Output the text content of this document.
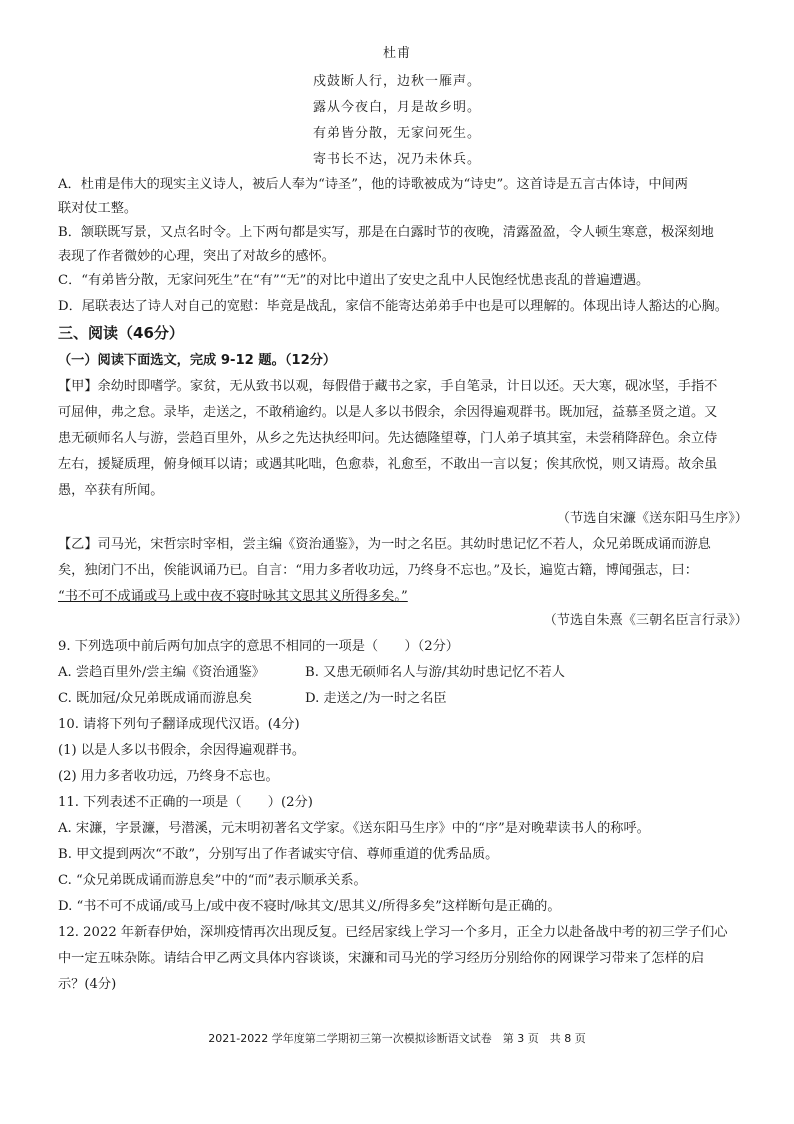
杜甫
戍鼓断人行，边秋一雁声。
露从今夜白，月是故乡明。
有弟皆分散，无家问死生。
寄书长不达，况乃未休兵。
A．杜甫是伟大的现实主义诗人，被后人奉为“诗圣”，他的诗歌被成为“诗史”。这首诗是五言古体诗，中间两
联对仗工整。
B．颔联既写景，又点名时令。上下两句都是实写，那是在白露时节的夜晚，清露盈盈，令人顿生寒意，极深刻地
表现了作者微妙的心理，突出了对故乡的感怀。
C．“有弟皆分散，无家问死生”在“有”“无”的对比中道出了安史之乱中人民饱经忧患丧乱的普遍遭遇。
D．尾联表达了诗人对自己的宽慰：毕竟是战乱，家信不能寄达弟弟手中也是可以理解的。体现出诗人豁达的心胸。
三、阅读（46分）
（一）阅读下面选文，完成 9-12 题。（12分）
【甲】余幼时即嗜学。家贫，无从致书以观，每假借于藏书之家，手自笔录，计日以还。天大寒，砚冰坚，手指不
可屈伸，弗之怠。录毕，走送之，不敢稍逾约。以是人多以书假余，余因得遍观群书。既加冠，益慕圣贤之道。又
患无硕师名人与游，尝趋百里外，从乡之先达执经叩问。先达德隆望尊，门人弟子填其室，未尝稍降辞色。余立侍
左右，援疑质理，俯身倾耳以请；或遇其叱咄，色愈恭，礼愈至，不敢出一言以复；俟其欣悦，则又请焉。故余虽
愚，卒获有所闻。
（节选自宋濂《送东阳马生序》）
【乙】司马光，宋哲宗时宰相，尝主编《资治通鉴》，为一时之名臣。其幼时患记忆不若人，众兄弟既成诵而游息
矣，独闭门不出，俟能讽诵乃已。自言：“用力多者收功远，乃终身不忘也。”及长，遍览古籍，博闻强志，曰：
“书不可不成诵或马上或中夜不寝时咏其文思其义所得多矣。”
（节选自朱熹《三朝名臣言行录》）
9. 下列选项中前后两句加点字的意思不相同的一项是（　　）（2分）
A. 尝趋百里外/尝主编《资治通鉴》	B. 又患无硕师名人与游/其幼时患记忆不若人
C. 既加冠/众兄弟既成诵而游息矣	D. 走送之/为一时之名臣
10. 请将下列句子翻译成现代汉语。(4分)
(1) 以是人多以书假余，余因得遍观群书。
(2) 用力多者收功远，乃终身不忘也。
11. 下列表述不正确的一项是（　　）(2分)
A. 宋濂，字景濂，号潜溪，元末明初著名文学家。《送东阳马生序》中的“序”是对晚辈读书人的称呼。
B. 甲文提到两次“不敢”，分别写出了作者诚实守信、尊师重道的优秀品质。
C. “众兄弟既成诵而游息矣”中的“而”表示顺承关系。
D. “书不可不成诵/或马上/或中夜不寝时/咏其文/思其义/所得多矣”这样断句是正确的。
12. 2022 年新春伊始，深圳疫情再次出现反复。已经居家线上学习一个多月，正全力以赴备战中考的初三学子们心
中一定五味杂陈。请结合甲乙两文具体内容谈谈，宋濂和司马光的学习经历分别给你的网课学习带来了怎样的启
示？(4分)
2021-2022 学年度第二学期初三第一次模拟诊断语文试卷　第 3 页　共 8 页
